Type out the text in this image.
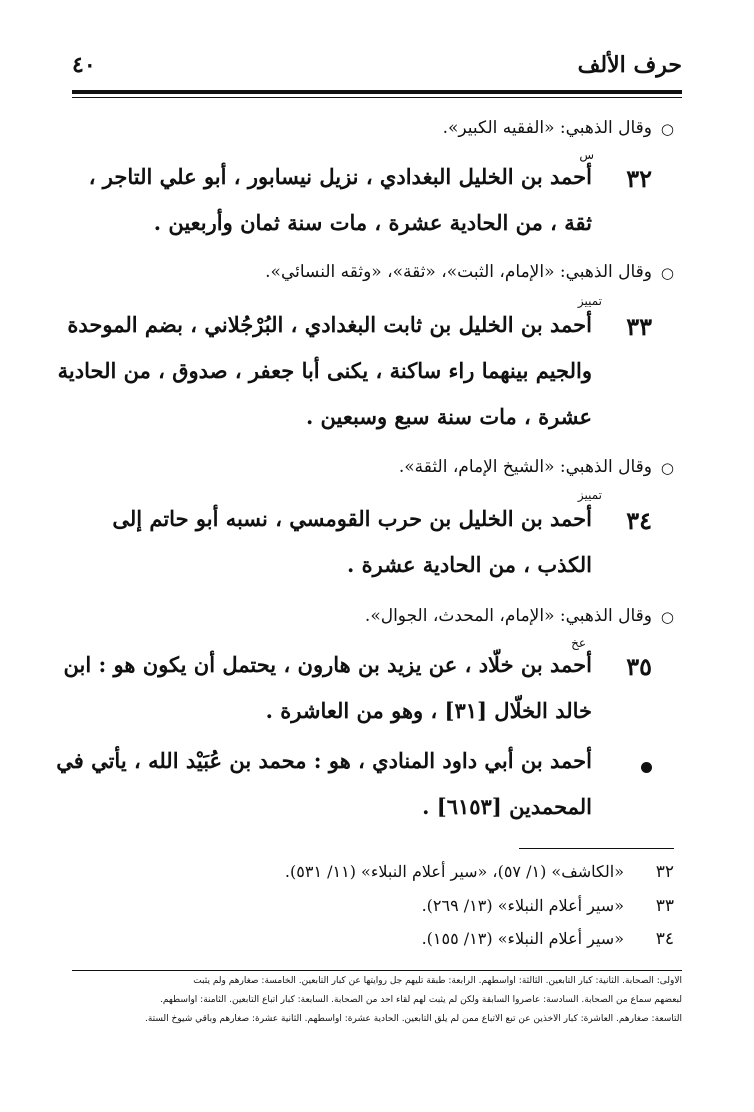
حرف الألف
٤٠
○
وقال الذهبي: «الفقيه الكبير».
س
٣٢
أحمد بن الخليل البغدادي ، نزيل نيسابور ، أبو علي التاجر ،
ثقة ، من الحادية عشرة ، مات سنة ثمان وأربعين .
○
وقال الذهبي: «الإمام، الثبت»، «ثقة»، «وثقه النسائي».
تمييز
٣٣
أحمد بن الخليل بن ثابت البغدادي ، البُرْجُلاني ، بضم الموحدة
والجيم بينهما راء ساكنة ، يكنى أبا جعفر ، صدوق ، من الحادية
عشرة ، مات سنة سبع وسبعين .
○
وقال الذهبي: «الشيخ الإمام، الثقة».
تمييز
٣٤
أحمد بن الخليل بن حرب القومسي ، نسبه أبو حاتم إلى
الكذب ، من الحادية عشرة .
○
وقال الذهبي: «الإمام، المحدث، الجوال».
عخ
٣٥
أحمد بن خلّاد ، عن يزيد بن هارون ، يحتمل أن يكون هو : ابن
خالد الخلّال [٣١] ، وهو من العاشرة .
أحمد بن أبي داود المنادي ، هو : محمد بن عُبَيْد الله ، يأتي في
المحمدين [٦١٥٣] .
٣٢
«الكاشف» (١/ ٥٧)، «سير أعلام النبلاء» (١١/ ٥٣١).
٣٣
«سير أعلام النبلاء» (١٣/ ٢٦٩).
٣٤
«سير أعلام النبلاء» (١٣/ ١٥٥).
الأولى: الصحابة. الثانية: كبار التابعين. الثالثة: أواسطهم. الرابعة: طبقة تليهم جل روايتها عن كبار التابعين. الخامسة: صغارهم ولم يثبت
لبعضهم سماع من الصحابة. السادسة: عاصروا السابقة ولكن لم يثبت لهم لقاء أحد من الصحابة. السابعة: كبار أتباع التابعين. الثامنة: أواسطهم.
التاسعة: صغارهم. العاشرة: كبار الآخذين عن تبع الأتباع ممن لم يلق التابعين. الحادية عشرة: أواسطهم. الثانية عشرة: صغارهم وباقي شيوخ الستة.
